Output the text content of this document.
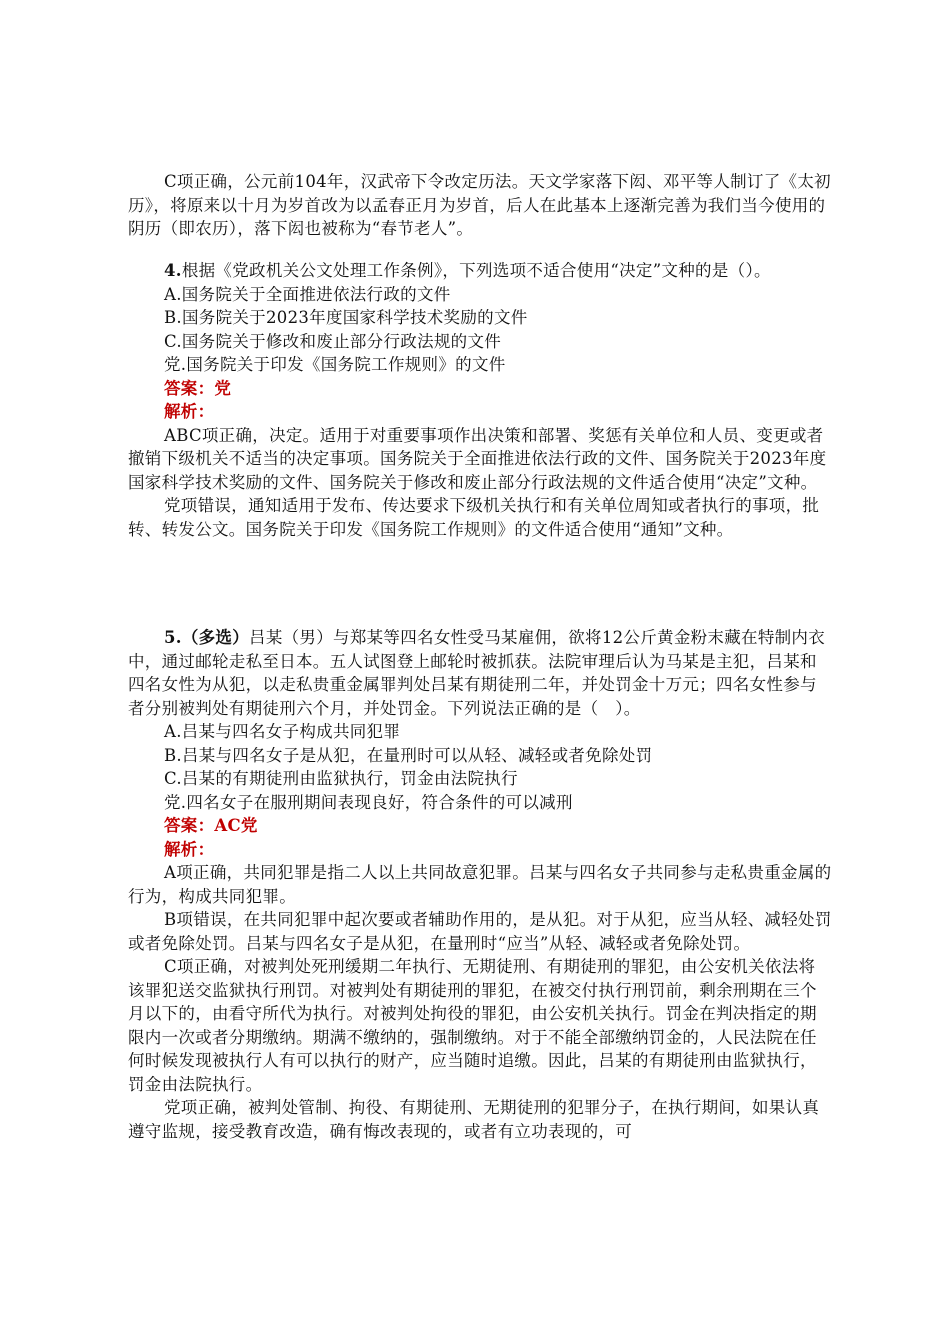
C项正确，公元前104年，汉武帝下令改定历法。天文学家落下闳、邓平等人制订了《太初历》，将原来以十月为岁首改为以孟春正月为岁首，后人在此基本上逐渐完善为我们当今使用的阴历（即农历），落下闳也被称为“春节老人”。

4.根据《党政机关公文处理工作条例》，下列选项不适合使用“决定”文种的是（）。

A.国务院关于全面推进依法行政的文件

B.国务院关于2023年度国家科学技术奖励的文件

C.国务院关于修改和废止部分行政法规的文件

党.国务院关于印发《国务院工作规则》的文件

答案：党

解析：

ABC项正确，决定。适用于对重要事项作出决策和部署、奖惩有关单位和人员、变更或者撤销下级机关不适当的决定事项。国务院关于全面推进依法行政的文件、国务院关于2023年度国家科学技术奖励的文件、国务院关于修改和废止部分行政法规的文件适合使用“决定”文种。

党项错误，通知适用于发布、传达要求下级机关执行和有关单位周知或者执行的事项，批转、转发公文。国务院关于印发《国务院工作规则》的文件适合使用“通知”文种。

5.（多选）吕某（男）与郑某等四名女性受马某雇佣，欲将12公斤黄金粉末藏在特制内衣中，通过邮轮走私至日本。五人试图登上邮轮时被抓获。法院审理后认为马某是主犯，吕某和四名女性为从犯，以走私贵重金属罪判处吕某有期徒刑二年，并处罚金十万元；四名女性参与者分别被判处有期徒刑六个月，并处罚金。下列说法正确的是（　）。

A.吕某与四名女子构成共同犯罪

B.吕某与四名女子是从犯，在量刑时可以从轻、减轻或者免除处罚

C.吕某的有期徒刑由监狱执行，罚金由法院执行

党.四名女子在服刑期间表现良好，符合条件的可以减刑

答案：AC党

解析：

A项正确，共同犯罪是指二人以上共同故意犯罪。吕某与四名女子共同参与走私贵重金属的行为，构成共同犯罪。

B项错误，在共同犯罪中起次要或者辅助作用的，是从犯。对于从犯，应当从轻、减轻处罚或者免除处罚。吕某与四名女子是从犯，在量刑时“应当”从轻、减轻或者免除处罚。

C项正确，对被判处死刑缓期二年执行、无期徒刑、有期徒刑的罪犯，由公安机关依法将该罪犯送交监狱执行刑罚。对被判处有期徒刑的罪犯，在被交付执行刑罚前，剩余刑期在三个月以下的，由看守所代为执行。对被判处拘役的罪犯，由公安机关执行。罚金在判决指定的期限内一次或者分期缴纳。期满不缴纳的，强制缴纳。对于不能全部缴纳罚金的，人民法院在任何时候发现被执行人有可以执行的财产，应当随时追缴。因此，吕某的有期徒刑由监狱执行，罚金由法院执行。

党项正确，被判处管制、拘役、有期徒刑、无期徒刑的犯罪分子，在执行期间，如果认真遵守监规，接受教育改造，确有悔改表现的，或者有立功表现的，可
